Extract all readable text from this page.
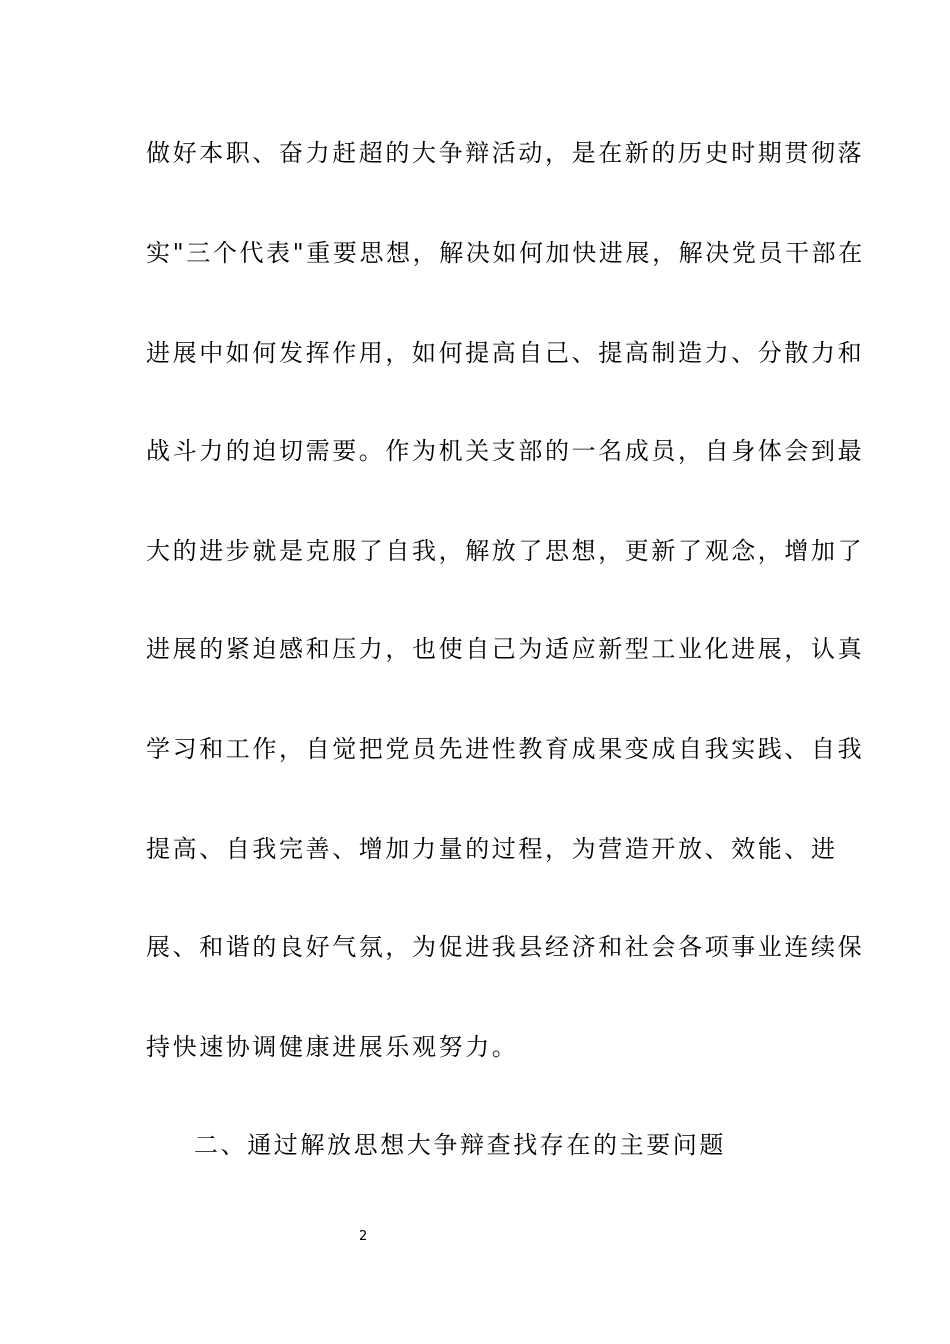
做好本职、奋力赶超的大争辩活动，是在新的历史时期贯彻落
实"三个代表"重要思想，解决如何加快进展，解决党员干部在
进展中如何发挥作用，如何提高自己、提高制造力、分散力和
战斗力的迫切需要。作为机关支部的一名成员，自身体会到最
大的进步就是克服了自我，解放了思想，更新了观念，增加了
进展的紧迫感和压力，也使自己为适应新型工业化进展，认真
学习和工作，自觉把党员先进性教育成果变成自我实践、自我
提高、自我完善、增加力量的过程，为营造开放、效能、进
展、和谐的良好气氛，为促进我县经济和社会各项事业连续保
持快速协调健康进展乐观努力。
二、通过解放思想大争辩查找存在的主要问题
2
